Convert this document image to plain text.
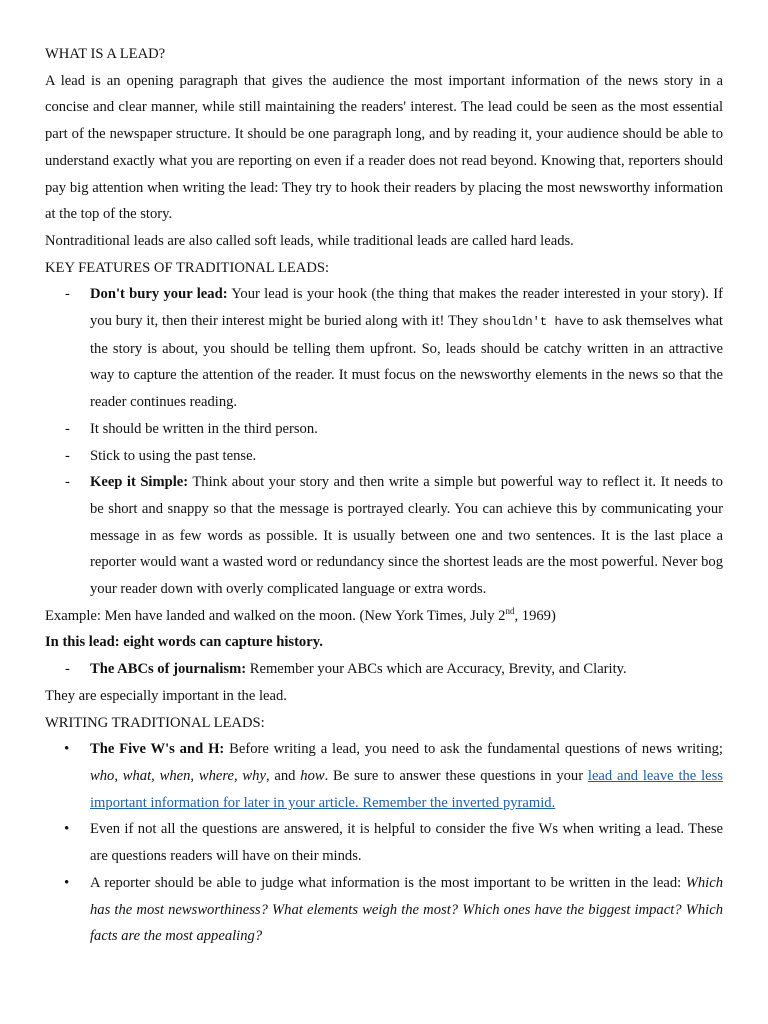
WHAT IS A LEAD?

A lead is an opening paragraph that gives the audience the most important information of the news story in a concise and clear manner, while still maintaining the readers' interest. The lead could be seen as the most essential part of the newspaper structure. It should be one paragraph long, and by reading it, your audience should be able to understand exactly what you are reporting on even if a reader does not read beyond. Knowing that, reporters should pay big attention when writing the lead: They try to hook their readers by placing the most newsworthy information at the top of the story.

Nontraditional leads are also called soft leads, while traditional leads are called hard leads.

KEY FEATURES OF TRADITIONAL LEADS:

- Don't bury your lead: Your lead is your hook (the thing that makes the reader interested in your story). If you bury it, then their interest might be buried along with it! They shouldn't have to ask themselves what the story is about, you should be telling them upfront. So, leads should be catchy written in an attractive way to capture the attention of the reader. It must focus on the newsworthy elements in the news so that the reader continues reading.
- It should be written in the third person.
- Stick to using the past tense.
- Keep it Simple: Think about your story and then write a simple but powerful way to reflect it. It needs to be short and snappy so that the message is portrayed clearly. You can achieve this by communicating your message in as few words as possible. It is usually between one and two sentences. It is the last place a reporter would want a wasted word or redundancy since the shortest leads are the most powerful. Never bog your reader down with overly complicated language or extra words.

Example: Men have landed and walked on the moon. (New York Times, July 2nd, 1969)

In this lead: eight words can capture history.

- The ABCs of journalism: Remember your ABCs which are Accuracy, Brevity, and Clarity.

They are especially important in the lead.

WRITING TRADITIONAL LEADS:

• The Five W's and H: Before writing a lead, you need to ask the fundamental questions of news writing; who, what, when, where, why, and how. Be sure to answer these questions in your lead and leave the less important information for later in your article. Remember the inverted pyramid.
• Even if not all the questions are answered, it is helpful to consider the five Ws when writing a lead. These are questions readers will have on their minds.
• A reporter should be able to judge what information is the most important to be written in the lead: Which has the most newsworthiness? What elements weigh the most? Which ones have the biggest impact? Which facts are the most appealing?
